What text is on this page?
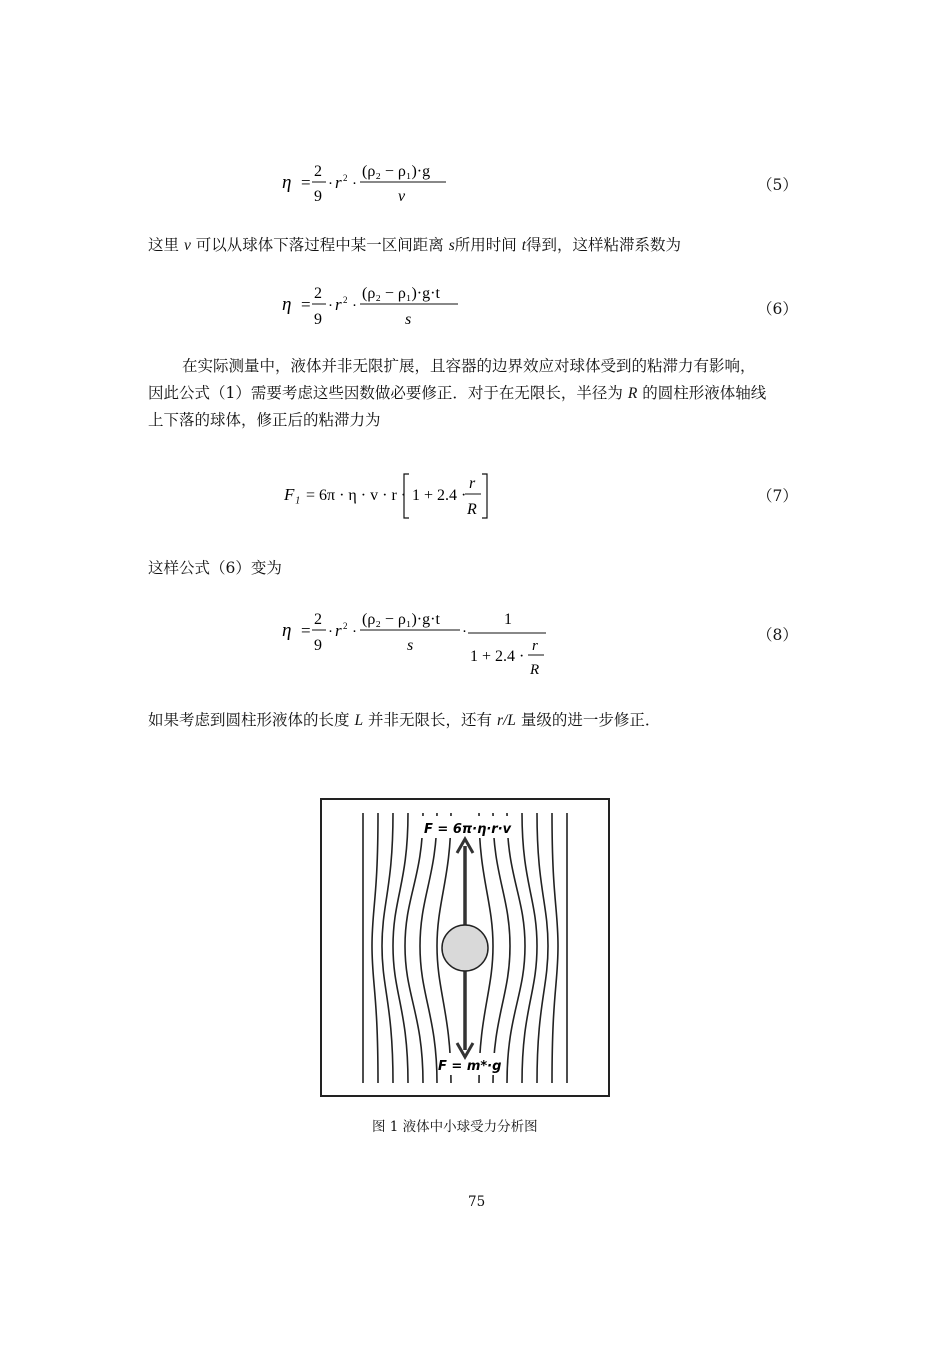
η =
2
9
· r 2 ·
(ρ₂ − ρ₁)·g
v
（5）
这里 v 可以从球体下落过程中某一区间距离 s所用时间 t得到，这样粘滞系数为
η =
2
9
· r 2 ·
(ρ₂ − ρ₁)·g·t
s
（6）
在实际测量中，液体并非无限扩展，且容器的边界效应对球体受到的粘滞力有影响，
因此公式（1）需要考虑这些因数做必要修正．对于在无限长，半径为 R 的圆柱形液体轴线
上下落的球体，修正后的粘滞力为
F₁ = 6π · η · v · r · 1 + 2.4 ·
r
R
（7）
这样公式（6）变为
η =
2
9
· r 2 ·
(ρ₂ − ρ₁)·g·t
s
·
1
1 + 2.4 ·
r
R
（8）
如果考虑到圆柱形液体的长度 L 并非无限长，还有 r/L 量级的进一步修正．
F = 6π·η·r·v
F = m*·g
图 1 液体中小球受力分析图
75
